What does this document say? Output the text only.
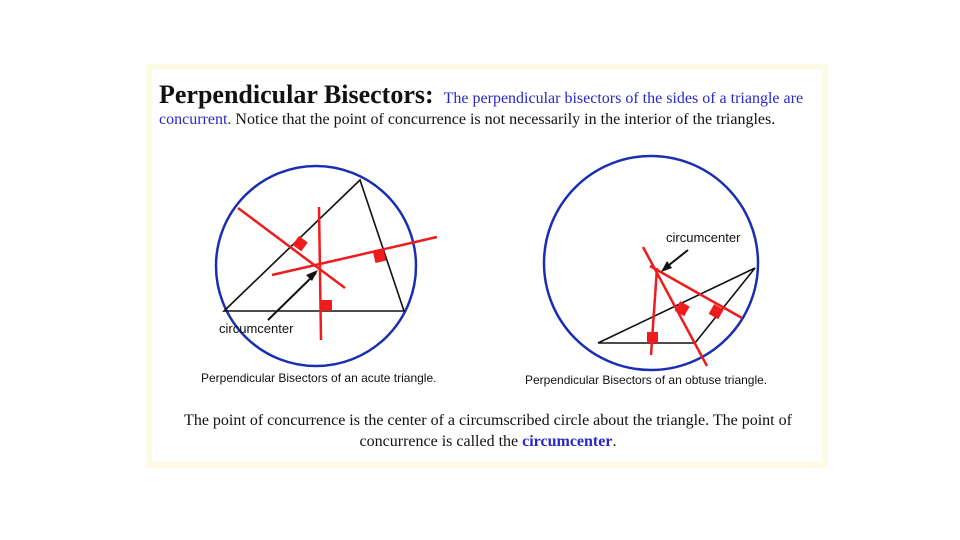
Perpendicular Bisectors: The perpendicular bisectors of the sides of a triangle are concurrent. Notice that the point of concurrence is not necessarily in the interior of the triangles.

circumcenter
Perpendicular Bisectors of an acute triangle.
circumcenter
Perpendicular Bisectors of an obtuse triangle.

The point of concurrence is the center of a circumscribed circle about the triangle. The point of concurrence is called the circumcenter.
